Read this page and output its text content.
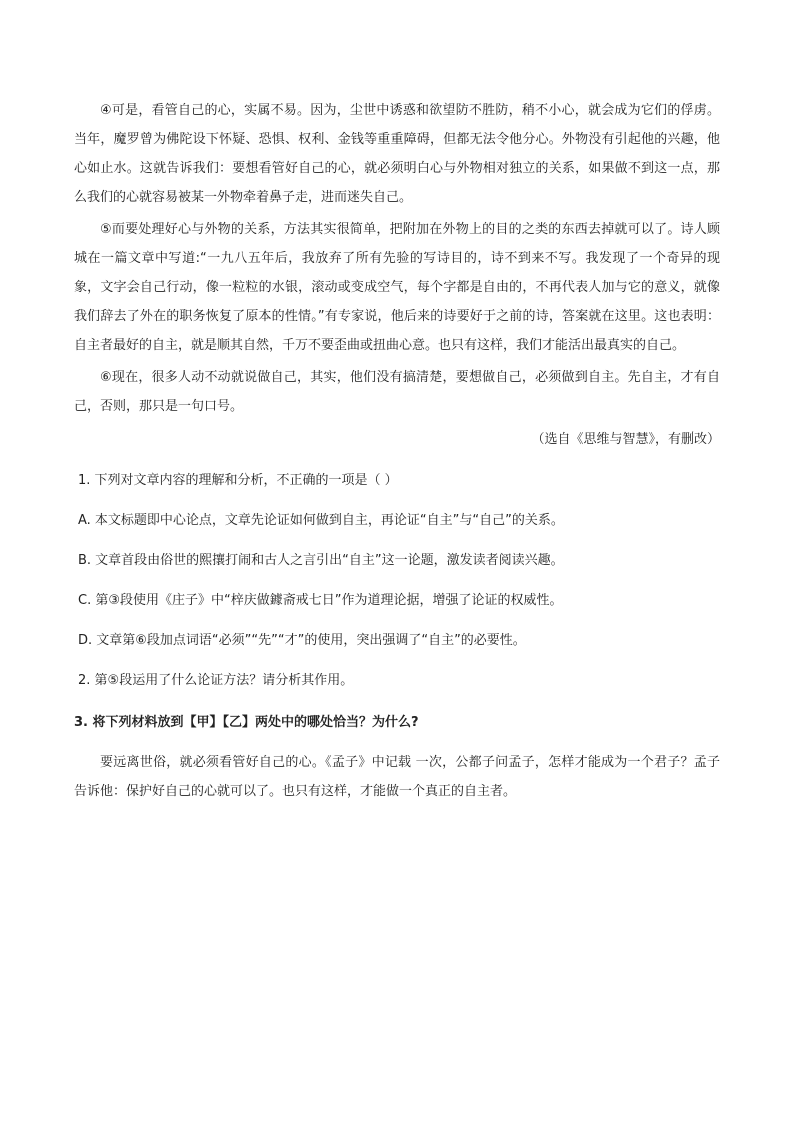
④可是，看管自己的心，实属不易。因为，尘世中诱惑和欲望防不胜防，稍不小心，就会成为它们的俘虏。当年，魔罗曾为佛陀设下怀疑、恐惧、权利、金钱等重重障碍，但都无法令他分心。外物没有引起他的兴趣，他心如止水。这就告诉我们：要想看管好自己的心，就必须明白心与外物相对独立的关系，如果做不到这一点，那么我们的心就容易被某一外物牵着鼻子走，进而迷失自己。

⑤而要处理好心与外物的关系，方法其实很简单，把附加在外物上的目的之类的东西去掉就可以了。诗人顾城在一篇文章中写道:“一九八五年后，我放弃了所有先验的写诗目的，诗不到来不写。我发现了一个奇异的现象，文字会自己行动，像一粒粒的水银，滚动或变成空气，每个字都是自由的，不再代表人加与它的意义，就像我们辞去了外在的职务恢复了原本的性情。”有专家说，他后来的诗要好于之前的诗，答案就在这里。这也表明：自主者最好的自主，就是顺其自然，千万不要歪曲或扭曲心意。也只有这样，我们才能活出最真实的自己。

⑥现在，很多人动不动就说做自己，其实，他们没有搞清楚，要想做自己，必须做到自主。先自主，才有自己，否则，那只是一句口号。

（选自《思维与智慧》，有删改）

1. 下列对文章内容的理解和分析，不正确的一项是（ ）

A. 本文标题即中心论点，文章先论证如何做到自主，再论证“自主”与“自己”的关系。

B. 文章首段由俗世的熙攘打闹和古人之言引出“自主”这一论题，激发读者阅读兴趣。

C. 第③段使用《庄子》中“梓庆做鐻斋戒七日”作为道理论据，增强了论证的权威性。

D. 文章第⑥段加点词语“必须”“先”“才”的使用，突出强调了“自主”的必要性。

2. 第⑤段运用了什么论证方法？请分析其作用。

3. 将下列材料放到【甲】【乙】两处中的哪处恰当？为什么?

要远离世俗，就必须看管好自己的心。《孟子》中记载 一次，公都子问孟子，怎样才能成为一个君子？孟子告诉他：保护好自己的心就可以了。也只有这样，才能做一个真正的自主者。
